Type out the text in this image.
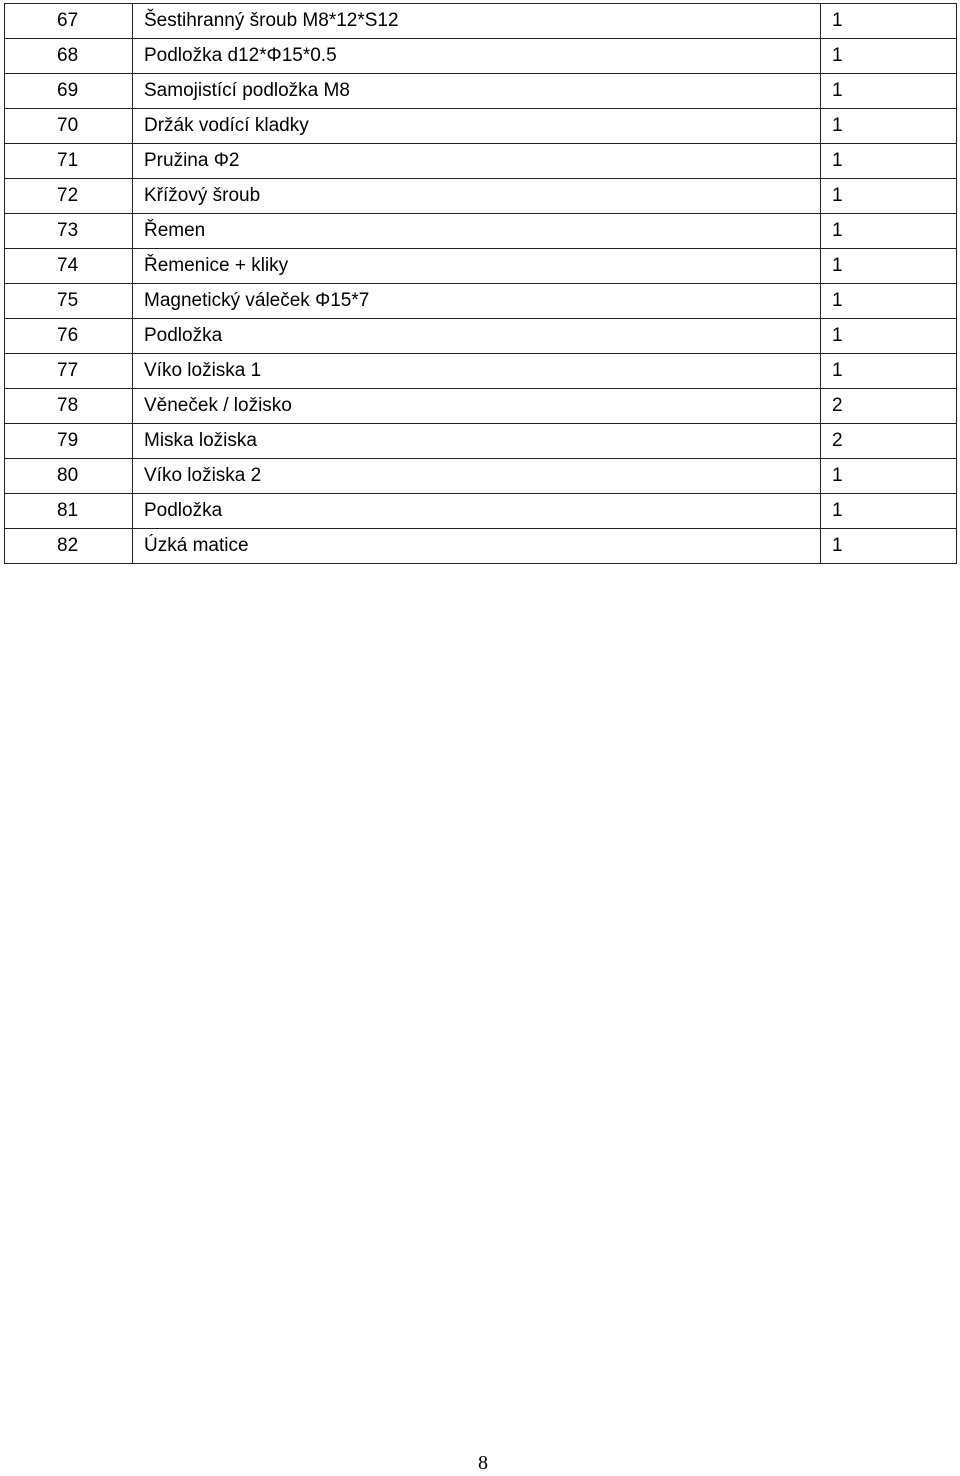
67	Šestihranný šroub M8*12*S12	1
68	Podložka d12*Φ15*0.5	1
69	Samojistící podložka M8	1
70	Držák vodící kladky	1
71	Pružina Φ2	1
72	Křížový šroub	1
73	Řemen	1
74	Řemenice + kliky	1
75	Magnetický váleček Φ15*7	1
76	Podložka	1
77	Víko ložiska 1	1
78	Věneček / ložisko	2
79	Miska ložiska	2
80	Víko ložiska 2	1
81	Podložka	1
82	Úzká matice	1
8
